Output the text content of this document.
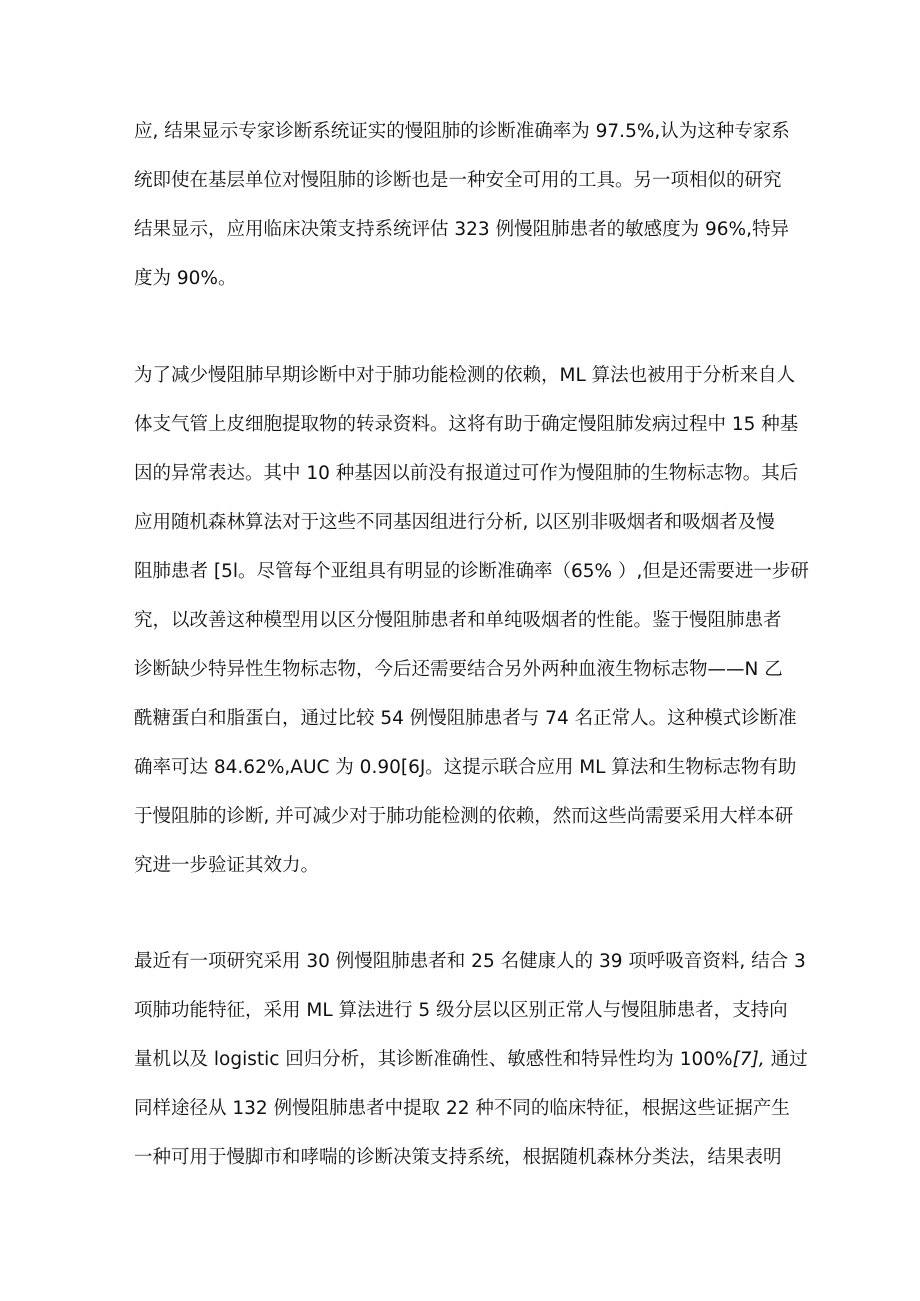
应, 结果显示专家诊断系统证实的慢阻肺的诊断准确率为 97.5%,认为这种专家系
统即使在基层单位对慢阻肺的诊断也是一种安全可用的工具。另一项相似的研究
结果显示，应用临床决策支持系统评估 323 例慢阻肺患者的敏感度为 96%,特异
度为 90%。
为了减少慢阻肺早期诊断中对于肺功能检测的依赖，ML 算法也被用于分析来自人
体支气管上皮细胞提取物的转录资料。这将有助于确定慢阻肺发病过程中 15 种基
因的异常表达。其中 10 种基因以前没有报道过可作为慢阻肺的生物标志物。其后
应用随机森林算法对于这些不同基因组进行分析, 以区别非吸烟者和吸烟者及慢
阻肺患者 [5l。尽管每个亚组具有明显的诊断准确率（65% ）,但是还需要进一步研
究，以改善这种模型用以区分慢阻肺患者和单纯吸烟者的性能。鉴于慢阻肺患者
诊断缺少特异性生物标志物，今后还需要结合另外两种血液生物标志物——N 乙
酰糖蛋白和脂蛋白，通过比较 54 例慢阻肺患者与 74 名正常人。这种模式诊断准
确率可达 84.62%,AUC 为 0.90[6J。这提示联合应用 ML 算法和生物标志物有助
于慢阻肺的诊断, 并可减少对于肺功能检测的依赖，然而这些尚需要采用大样本研
究进一步验证其效力。
最近有一项研究采用 30 例慢阻肺患者和 25 名健康人的 39 项呼吸音资料, 结合 3
项肺功能特征，采用 ML 算法进行 5 级分层以区别正常人与慢阻肺患者，支持向
量机以及 logistic 回归分析，其诊断准确性、敏感性和特异性均为 100%[7], 通过
同样途径从 132 例慢阻肺患者中提取 22 种不同的临床特征，根据这些证据产生
一种可用于慢脚市和哮喘的诊断决策支持系统，根据随机森林分类法，结果表明
